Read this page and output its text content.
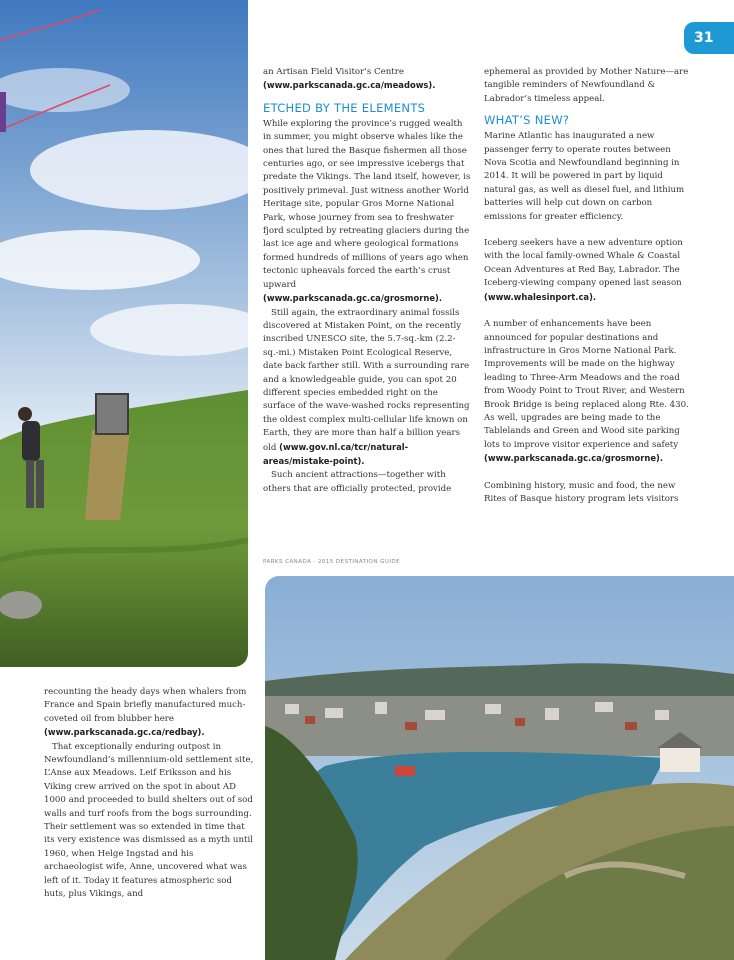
31

an Artisan Field Visitor’s Centre (www.parkscanada.gc.ca/meadows).

ETCHED BY THE ELEMENTS

While exploring the province’s rugged wealth in summer, you might observe whales like the ones that lured the Basque fishermen all those centuries ago, or see impressive icebergs that predate the Vikings. The land itself, however, is positively primeval. Just witness another World Heritage site, popular Gros Morne National Park, whose journey from sea to freshwater fjord sculpted by retreating glaciers during the last ice age and where geological formations formed hundreds of millions of years ago when tectonic upheavals forced the earth’s crust upward (www.parkscanada.gc.ca/grosmorne).

Still again, the extraordinary animal fossils discovered at Mistaken Point, on the recently inscribed UNESCO site, the 5.7-sq.-km (2.2-sq.-mi.) Mistaken Point Ecological Reserve, date back farther still. With a surrounding rare and a knowledgeable guide, you can spot 20 different species embedded right on the surface of the wave-washed rocks representing the oldest complex multi-cellular life known on Earth, they are more than half a billion years old (www.gov.nl.ca/tcr/natural-areas/mistake-point).

Such ancient attractions—together with others that are officially protected, provide

ephemeral as provided by Mother Nature—are tangible reminders of Newfoundland & Labrador’s timeless appeal.

WHAT’S NEW?

Marine Atlantic has inaugurated a new passenger ferry to operate routes between Nova Scotia and Newfoundland beginning in 2014. It will be powered in part by liquid natural gas, as well as diesel fuel, and lithium batteries will help cut down on carbon emissions for greater efficiency.

Iceberg seekers have a new adventure option with the local family-owned Whale & Coastal Ocean Adventures at Red Bay, Labrador. The Iceberg-viewing company opened last season (www.whalesinport.ca).

A number of enhancements have been announced for popular destinations and infrastructure in Gros Morne National Park. Improvements will be made on the highway leading to Three-Arm Meadows and the road from Woody Point to Trout River, and Western Brook Bridge is being replaced along Rte. 430. As well, upgrades are being made to the Tablelands and Green and Wood site parking lots to improve visitor experience and safety (www.parkscanada.gc.ca/grosmorne).

Combining history, music and food, the new Rites of Basque history program lets visitors

PARKS CANADA · 2015 DESTINATION GUIDE

recounting the heady days when whalers from France and Spain briefly manufactured much-coveted oil from blubber here (www.parkscanada.gc.ca/redbay).

That exceptionally enduring outpost in Newfoundland’s millennium-old settlement site, L’Anse aux Meadows. Leif Eriksson and his Viking crew arrived on the spot in about AD 1000 and proceeded to build shelters out of sod walls and turf roofs from the bogs surrounding. Their settlement was so extended in time that its very existence was dismissed as a myth until 1960, when Helge Ingstad and his archaeologist wife, Anne, uncovered what was left of it. Today it features atmospheric sod huts, plus Vikings, and
